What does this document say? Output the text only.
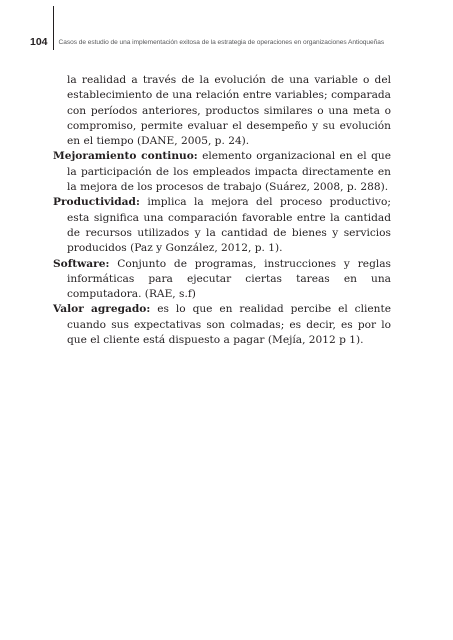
104	Casos de estudio de una implementación exitosa de la estrategia de operaciones en organizaciones Antioqueñas

la realidad a través de la evolución de una variable o del establecimiento de una relación entre variables; comparada con períodos anteriores, productos similares o una meta o compromiso, permite evaluar el desempeño y su evolución en el tiempo (DANE, 2005, p. 24).

Mejoramiento continuo: elemento organizacional en el que la participación de los empleados impacta directamente en la mejora de los procesos de trabajo (Suárez, 2008, p. 288).

Productividad: implica la mejora del proceso productivo; esta significa una comparación favorable entre la cantidad de recursos utilizados y la cantidad de bienes y servicios producidos (Paz y González, 2012, p. 1).

Software: Conjunto de programas, instrucciones y reglas informáticas para ejecutar ciertas tareas en una computadora. (RAE, s.f)

Valor agregado: es lo que en realidad percibe el cliente cuando sus expectativas son colmadas; es decir, es por lo que el cliente está dispuesto a pagar (Mejía, 2012 p 1).
